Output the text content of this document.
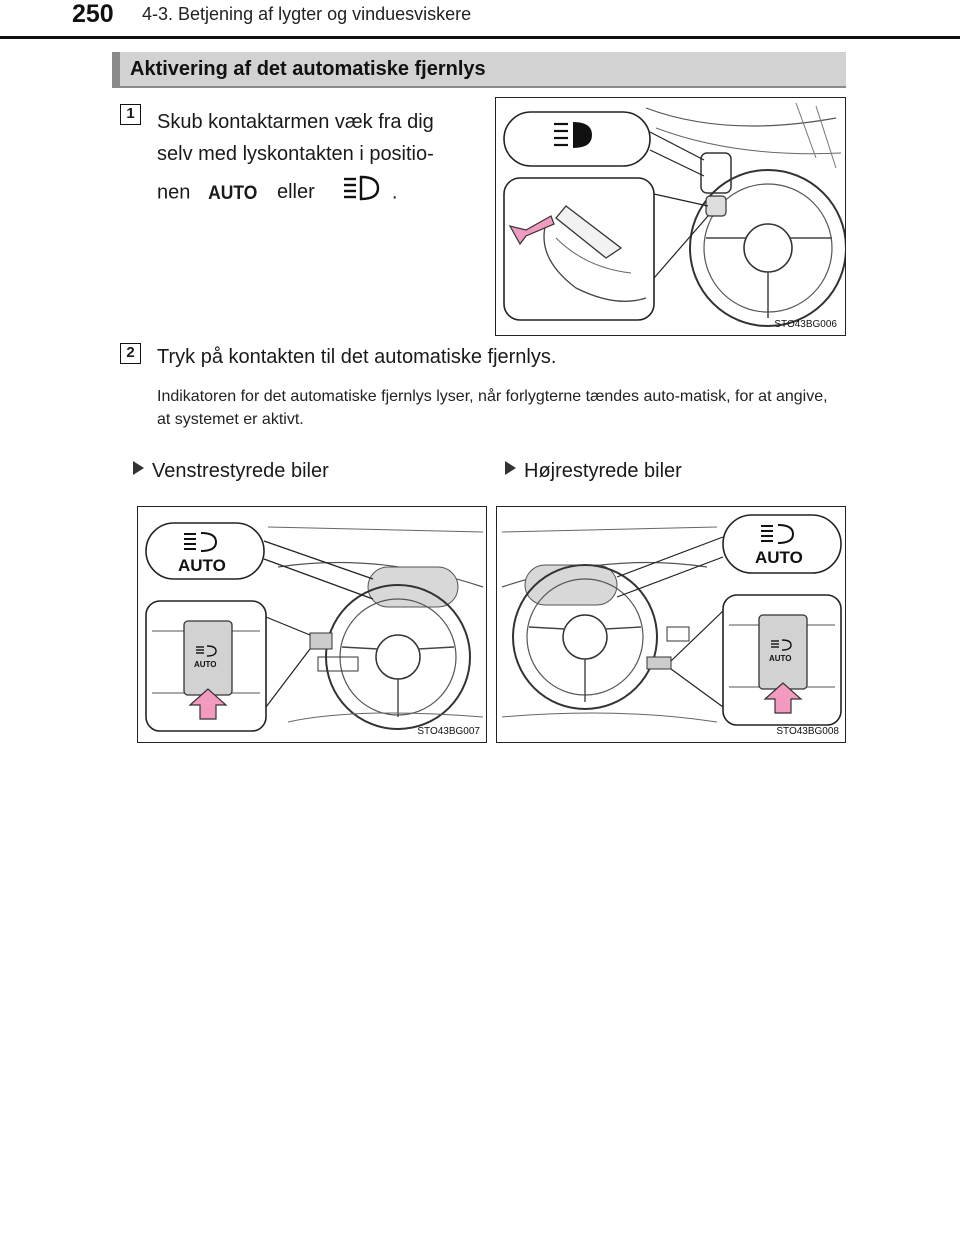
250 4-3. Betjening af lygter og vinduesviskere
Aktivering af det automatiske fjernlys
1	Skub kontaktarmen væk fra dig
selv med lyskontakten i positio-
nen AUTO eller	.
STO43BG006
2	Tryk på kontakten til det automatiske fjernlys.
Indikatoren for det automatiske fjernlys lyser, når forlygterne tændes auto-matisk, for at angive, at systemet er aktivt.
Venstrestyrede biler	Højrestyrede biler
AUTO
AUTO
STO43BG007
AUTO
AUTO
STO43BG008
